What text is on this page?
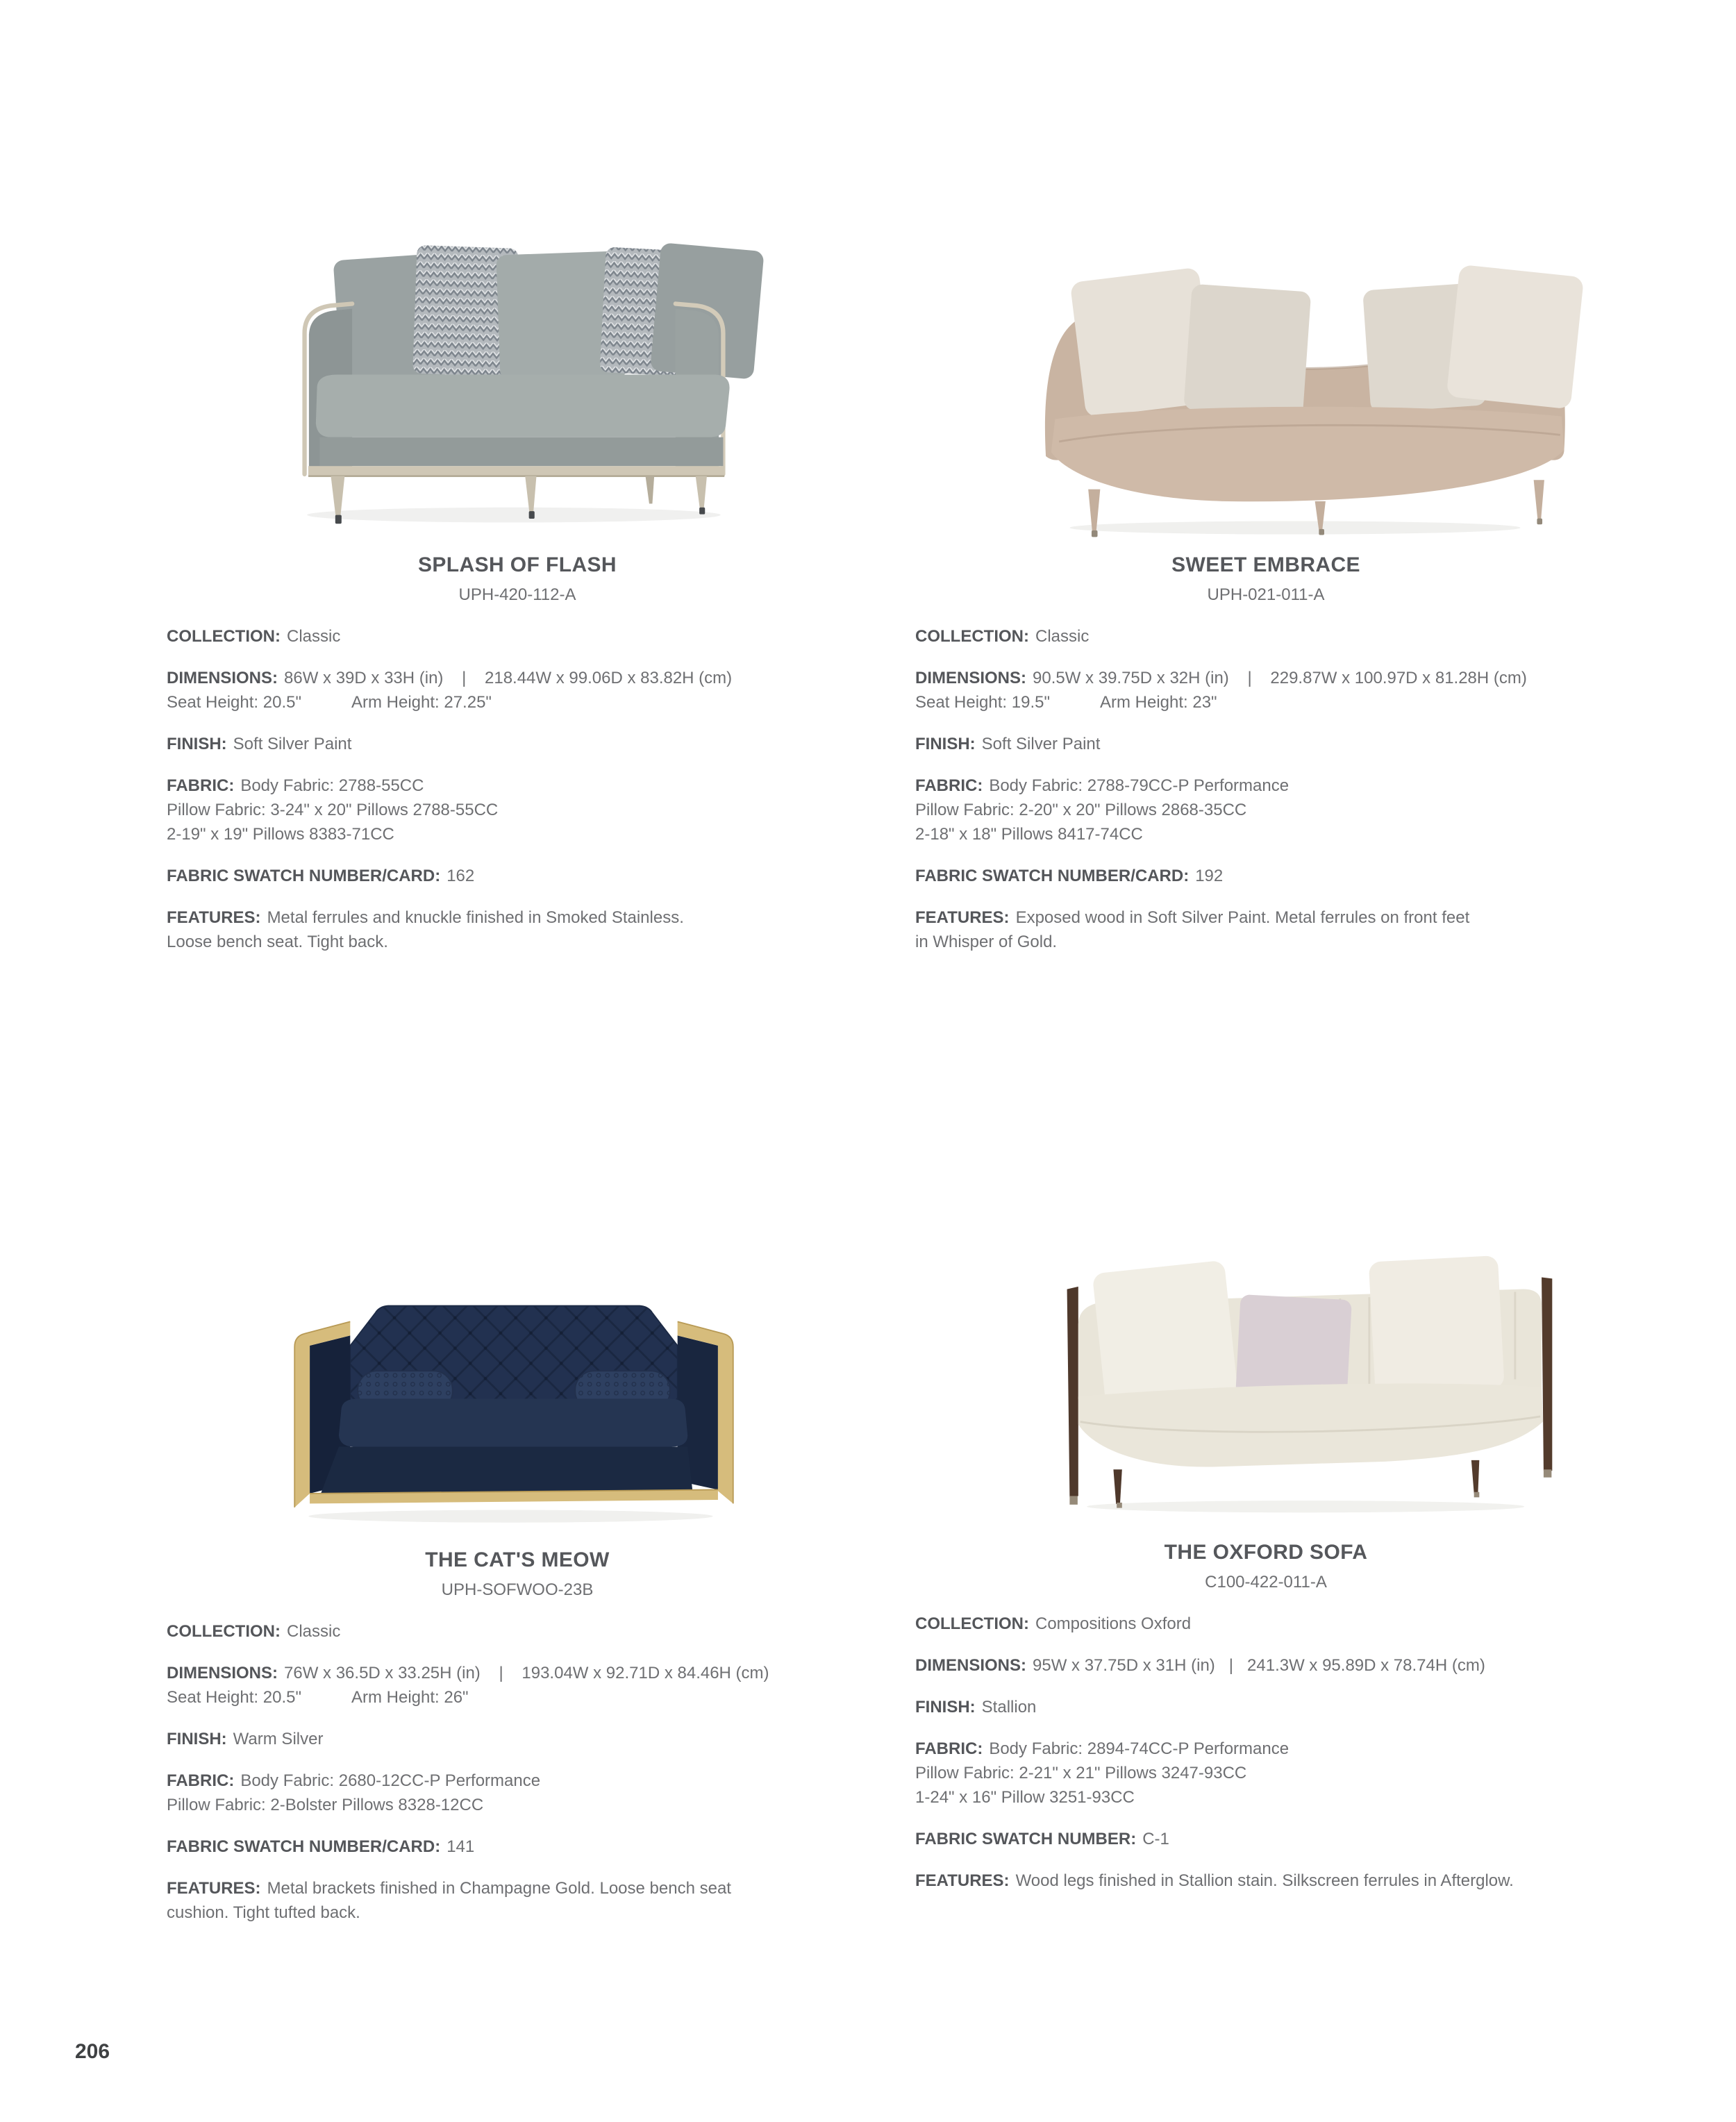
SPLASH OF FLASH
UPH-420-112-A

COLLECTION: Classic

DIMENSIONS: 86W x 39D x 33H (in)    |    218.44W x 99.06D x 83.82H (cm)
Seat Height: 20.5"	Arm Height: 27.25"

FINISH: Soft Silver Paint

FABRIC: Body Fabric: 2788-55CC
Pillow Fabric: 3-24" x 20" Pillows 2788-55CC
2-19" x 19" Pillows 8383-71CC

FABRIC SWATCH NUMBER/CARD: 162

FEATURES: Metal ferrules and knuckle finished in Smoked Stainless.
Loose bench seat. Tight back.

SWEET EMBRACE
UPH-021-011-A

COLLECTION: Classic

DIMENSIONS: 90.5W x 39.75D x 32H (in)    |    229.87W x 100.97D x 81.28H (cm)
Seat Height: 19.5"	Arm Height: 23"

FINISH: Soft Silver Paint

FABRIC: Body Fabric: 2788-79CC-P Performance
Pillow Fabric: 2-20" x 20" Pillows 2868-35CC
2-18" x 18" Pillows 8417-74CC

FABRIC SWATCH NUMBER/CARD: 192

FEATURES: Exposed wood in Soft Silver Paint. Metal ferrules on front feet
in Whisper of Gold.

THE CAT'S MEOW
UPH-SOFWOO-23B

COLLECTION: Classic

DIMENSIONS: 76W x 36.5D x 33.25H (in)    |    193.04W x 92.71D x 84.46H (cm)
Seat Height: 20.5"	Arm Height: 26"

FINISH: Warm Silver

FABRIC: Body Fabric: 2680-12CC-P Performance
Pillow Fabric: 2-Bolster Pillows 8328-12CC

FABRIC SWATCH NUMBER/CARD: 141

FEATURES: Metal brackets finished in Champagne Gold. Loose bench seat
cushion. Tight tufted back.

THE OXFORD SOFA
C100-422-011-A

COLLECTION: Compositions Oxford

DIMENSIONS: 95W x 37.75D x 31H (in)   |   241.3W x 95.89D x 78.74H (cm)

FINISH: Stallion

FABRIC: Body Fabric: 2894-74CC-P Performance
Pillow Fabric: 2-21" x 21" Pillows 3247-93CC
1-24" x 16" Pillow 3251-93CC

FABRIC SWATCH NUMBER: C-1

FEATURES: Wood legs finished in Stallion stain. Silkscreen ferrules in Afterglow.

206
